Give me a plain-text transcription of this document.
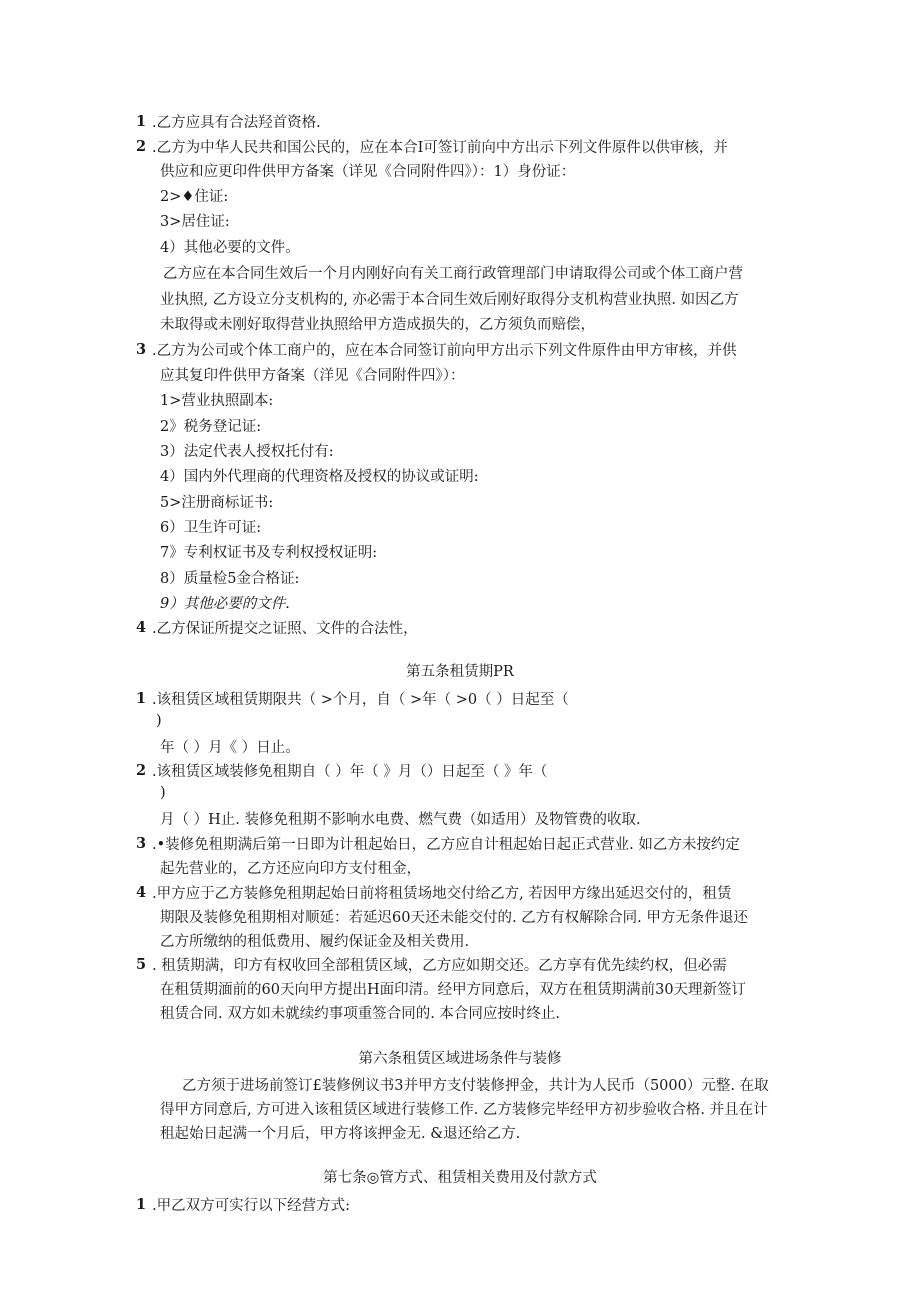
1 .乙方应具有合法羟首资格.
2 .乙方为中华人民共和国公民的，应在本合Ⅰ可签订前向中方出示下列文件原件以供审核，并
供应和应更印件供甲方备案（详见《合同附件四》）：1）身份证：
2>♦住证:
3>居住证:
4）其他必要的文件。
乙方应在本合同生效后一个月内刚好向有关工商行政管理部门申请取得公司或个体工商户营
业执照, 乙方设立分支机构的, 亦必需于本合同生效后刚好取得分支机构营业执照. 如因乙方
未取得或未刚好取得营业执照给甲方造成损失的，乙方须负而赔偿，
3 .乙方为公司或个体工商户的，应在本合同签订前向甲方出示下列文件原件由甲方审核，并供
应其复印件供甲方备案（洋见《合同附件四》）：
1>营业执照副本:
2》税务登记证:
3）法定代表人授权托付有:
4）国内外代理商的代理资格及授权的协议或证明:
5>注册商标证书:
6）卫生许可证:
7》专利权证书及专利权授权证明:
8）质量检5金合格证:
9）其他必要的文件.
4 .乙方保证所提交之证照、文件的合法性，
第五条租赁期PR
1 .该租赁区域租赁期限共（ >个月，自（ >年（ >0（ ）日起至（
)
年（ ）月《 ）日止。
2 .该租赁区域装修免租期自（ ）年（ 》月（）日起至（ 》年（
)
月（ ）H止. 装修免租期不影响水电费、燃气费（如适用）及物管费的收取.
3 .•装修免租期满后第一日即为计租起始日，乙方应自计租起始日起正式营业. 如乙方未按约定
起先营业的，乙方还应向印方支付租金，
4 .甲方应于乙方装修免租期起始日前将租赁场地交付给乙方, 若因甲方缘出延迟交付的，租赁
期限及装修免租期相对顺延：若延迟60天还未能交付的. 乙方有权解除合同. 甲方无条件退还
乙方所缴纳的租低费用、履约保证金及相关费用.
5 . 租赁期满，印方有权收回全部租赁区域，乙方应如期交还。乙方享有优先续约权，但必需
在租赁期湎前的60天向甲方提出H面印清。经甲方同意后，双方在租赁期满前30天理新签订
租赁合同. 双方如未就续约事项重签合同的. 本合同应按时终止.
第六条租赁区域进场条件与装修
乙方须于进场前签订£装修例议书3并甲方支付装修押金，共计为人民币（5000）元整. 在取
得甲方同意后, 方可进入该租赁区域进行装修工作. 乙方装修完毕经甲方初步验收合格. 并且在计
租起始日起满一个月后，甲方将该押金无. &退还给乙方.
第七条◎管方式、租赁相关费用及付款方式
1 .甲乙双方可实行以下经营方式:
